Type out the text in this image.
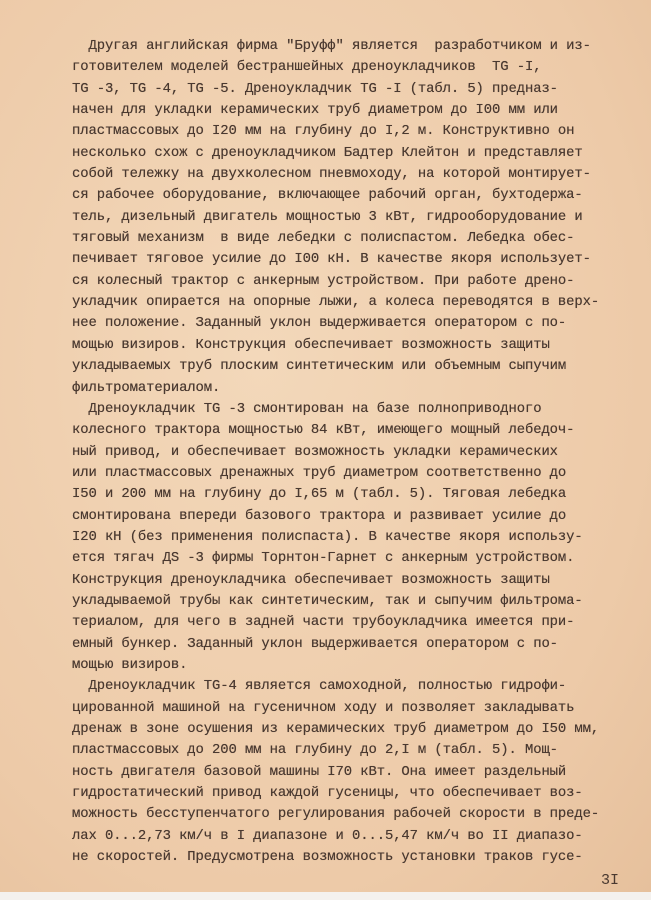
Другая английская фирма "Бруфф" является  разработчиком и из-
готовителем моделей бестраншейных дреноукладчиков  TG -I,
TG -3, TG -4, TG -5. Дреноукладчик TG -I (табл. 5) предназ-
начен для укладки керамических труб диаметром до I00 мм или
пластмассовых до I20 мм на глубину до I,2 м. Конструктивно он
несколько схож с дреноукладчиком Бадтер Клейтон и представляет
собой тележку на двухколесном пневмоходу, на которой монтирует-
ся рабочее оборудование, включающее рабочий орган, бухтодержа-
тель, дизельный двигатель мощностью 3 кВт, гидрооборудование и
тяговый механизм  в виде лебедки с полиспастом. Лебедка обес-
печивает тяговое усилие до I00 кН. В качестве якоря использует-
ся колесный трактор с анкерным устройством. При работе дрено-
укладчик опирается на опорные лыжи, а колеса переводятся в верх-
нее положение. Заданный уклон выдерживается оператором с по-
мощью визиров. Конструкция обеспечивает возможность защиты
укладываемых труб плоским синтетическим или объемным сыпучим
фильтроматериалом.
Дреноукладчик TG -3 смонтирован на базе полноприводного
колесного трактора мощностью 84 кВт, имеющего мощный лебедоч-
ный привод, и обеспечивает возможность укладки керамических
или пластмассовых дренажных труб диаметром соответственно до
I50 и 200 мм на глубину до I,65 м (табл. 5). Тяговая лебедка
смонтирована впереди базового трактора и развивает усилие до
I20 кН (без применения полиспаста). В качестве якоря использу-
ется тягач ДS -3 фирмы Торнтон-Гарнет с анкерным устройством.
Конструкция дреноукладчика обеспечивает возможность защиты
укладываемой трубы как синтетическим, так и сыпучим фильтрома-
териалом, для чего в задней части трубоукладчика имеется при-
емный бункер. Заданный уклон выдерживается оператором с по-
мощью визиров.
Дреноукладчик TG-4 является самоходной, полностью гидрофи-
цированной машиной на гусеничном ходу и позволяет закладывать
дренаж в зоне осушения из керамических труб диаметром до I50 мм,
пластмассовых до 200 мм на глубину до 2,I м (табл. 5). Мощ-
ность двигателя базовой машины I70 кВт. Она имеет раздельный
гидростатический привод каждой гусеницы, что обеспечивает воз-
можность бесступенчатого регулирования рабочей скорости в преде-
лах 0...2,73 км/ч в I диапазоне и 0...5,47 км/ч во II диапазо-
не скоростей. Предусмотрена возможность установки траков гусе-
3I
